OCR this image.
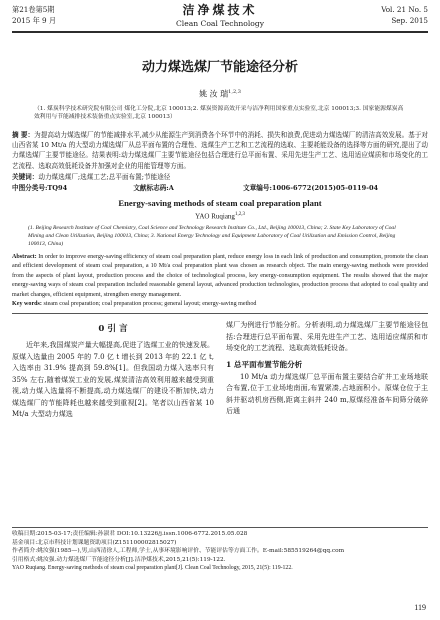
第21卷第5期
2015 年 9 月
洁净煤技术
Clean Coal Technology
Vol. 21 No. 5
Sep. 2015
动力煤选煤厂节能途径分析
姚 汝 瑞$^{1,2,3}$
（1. 煤炭科学技术研究院有限公司 煤化工分院,北京 100013;2. 煤炭资源高效开采与洁净利用国家重点实验室,北京 100013;3. 国家能源煤炭高效利用与节能减排技术装备重点实验室,北京 100013）
摘 要：为提高动力煤选煤厂的节能减排水平,减少从能源生产到消费各个环节中的消耗、损失和浪费,促进动力煤选煤厂的清洁高效发展。基于对山西省某 10 Mt/a 的大型动力煤选煤厂从总平面布置的合理性、选煤生产工艺和工艺流程的选取、主要耗能设备的选择等方面的研究,提出了动力煤选煤厂主要节能途径。结果表明:动力煤选煤厂主要节能途径包括合理进行总平面布置、采用先进生产工艺、选用适应煤质和市场变化的工艺流程、选取高效低耗设备并加强对企业的用能管理等方面。
关键词：动力煤选煤厂;选煤工艺;总平面布置;节能途径
中图分类号:TQ94	文献标志码:A	文章编号:1006-6772(2015)05-0119-04
Energy-saving methods of steam coal preparation plant
YAO Ruqiang$^{1,2,3}$
(1. Beijing Research Institute of Coal Chemistry, Coal Science and Technology Research Institute Co., Ltd., Beijing 100013, China; 2. State Key Laboratory of Coal Mining and Clean Utilization, Beijing 100013, China; 3. National Energy Technology and Equipment Laboratory of Coal Utilization and Emission Control, Beijing 100013, China)
Abstract: In order to improve energy-saving efficiency of steam coal preparation plant, reduce energy loss in each link of production and consumption, promote the clean and efficient development of steam coal preparation, a 10 Mt/a coal preparation plant was chosen as research object. The main energy-saving methods were provided from the aspects of plant layout, production process and the choice of technological process, key energy-consumption equipment. The results showed that the major energy-saving ways of steam coal preparation included reasonable general layout, advanced production technologies, production process that adopted to coal quality and market changes, efficient equipment, strengthen energy management.
Key words: steam coal preparation; coal preparation process; general layout; energy-saving method
0 引 言

近年来,我国煤炭产量大幅提高,促进了选煤工业的快速发展。原煤入选量由 2005 年的 7.0 亿 t 增长到 2013 年的 22.1 亿 t,入选率由 31.9% 提高到 59.8%[1]。但我国动力煤入选率只有 35% 左右,随着煤炭工业的发展,煤炭清洁高效利用越来越受到重视,动力煤入选量将不断提高,动力煤选煤厂的建设不断加快,动力煤选煤厂的节能降耗也越来越受到重视[2]。笔者以山西省某 10 Mt/a 大型动力煤选

煤厂为例进行节能分析。分析表明,动力煤选煤厂主要节能途径包括:合理进行总平面布置、采用先进生产工艺、选用适应煤质和市场变化的工艺流程、选取高效低耗设备。
1 总平面布置节能分析

10 Mt/a 动力煤选煤厂总平面布置主要结合矿井工业场地联合布置,位于工业场地南面,布置紧凑,占地面积小。原煤仓位于主斜井驱动机房西侧,距离主斜井 240 m,原煤经准备车间筛分破碎后通

收稿日期:2015-03-17;责任编辑:孙淑君 DOI:10.13226/j.issn.1006-6772.2015.05.028
基金项目:北京市科技计划课题资助项目(Z151100002815027)
作者简介:姚汝强(1985—),男,山西清徐人,工程师,学士,从事环境影响评价、节能评估等方面工作。E-mail:585519264@qq.com
引用格式:姚汝强.动力煤选煤厂节能途径分析[J].洁净煤技术,2015,21(5):119-122.
YAO Ruqiang. Energy-saving methods of steam coal preparation plant[J]. Clean Coal Technology, 2015, 21(5): 119-122.
119
